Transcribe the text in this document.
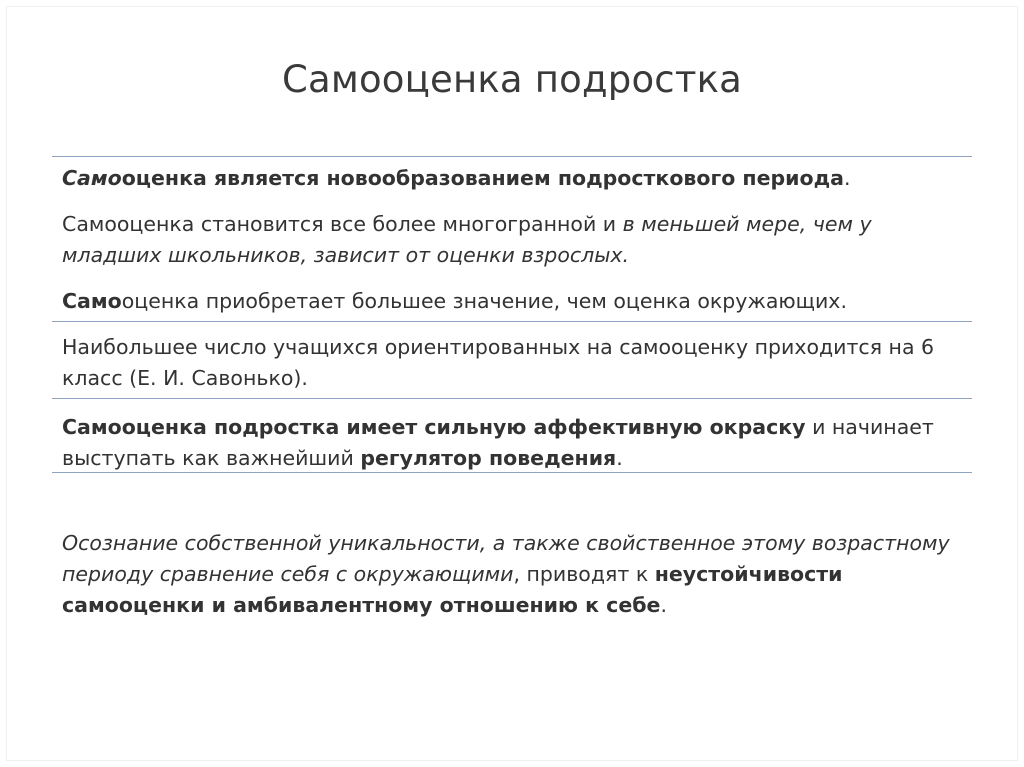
Самооценка подростка
Самооценка является новообразованием подросткового периода.
Самооценка становится все более многогранной и в меньшей мере, чем у младших школьников, зависит от оценки взрослых.
Самооценка приобретает большее значение, чем оценка окружающих.
Наибольшее число учащихся ориентированных на самооценку приходится на 6 класс (Е. И. Савонько).
Самооценка подростка имеет сильную аффективную окраску и начинает выступать как важнейший регулятор поведения.
Осознание собственной уникальности, а также свойственное этому возрастному периоду сравнение себя с окружающими, приводят к неустойчивости самооценки и амбивалентному отношению к себе.
